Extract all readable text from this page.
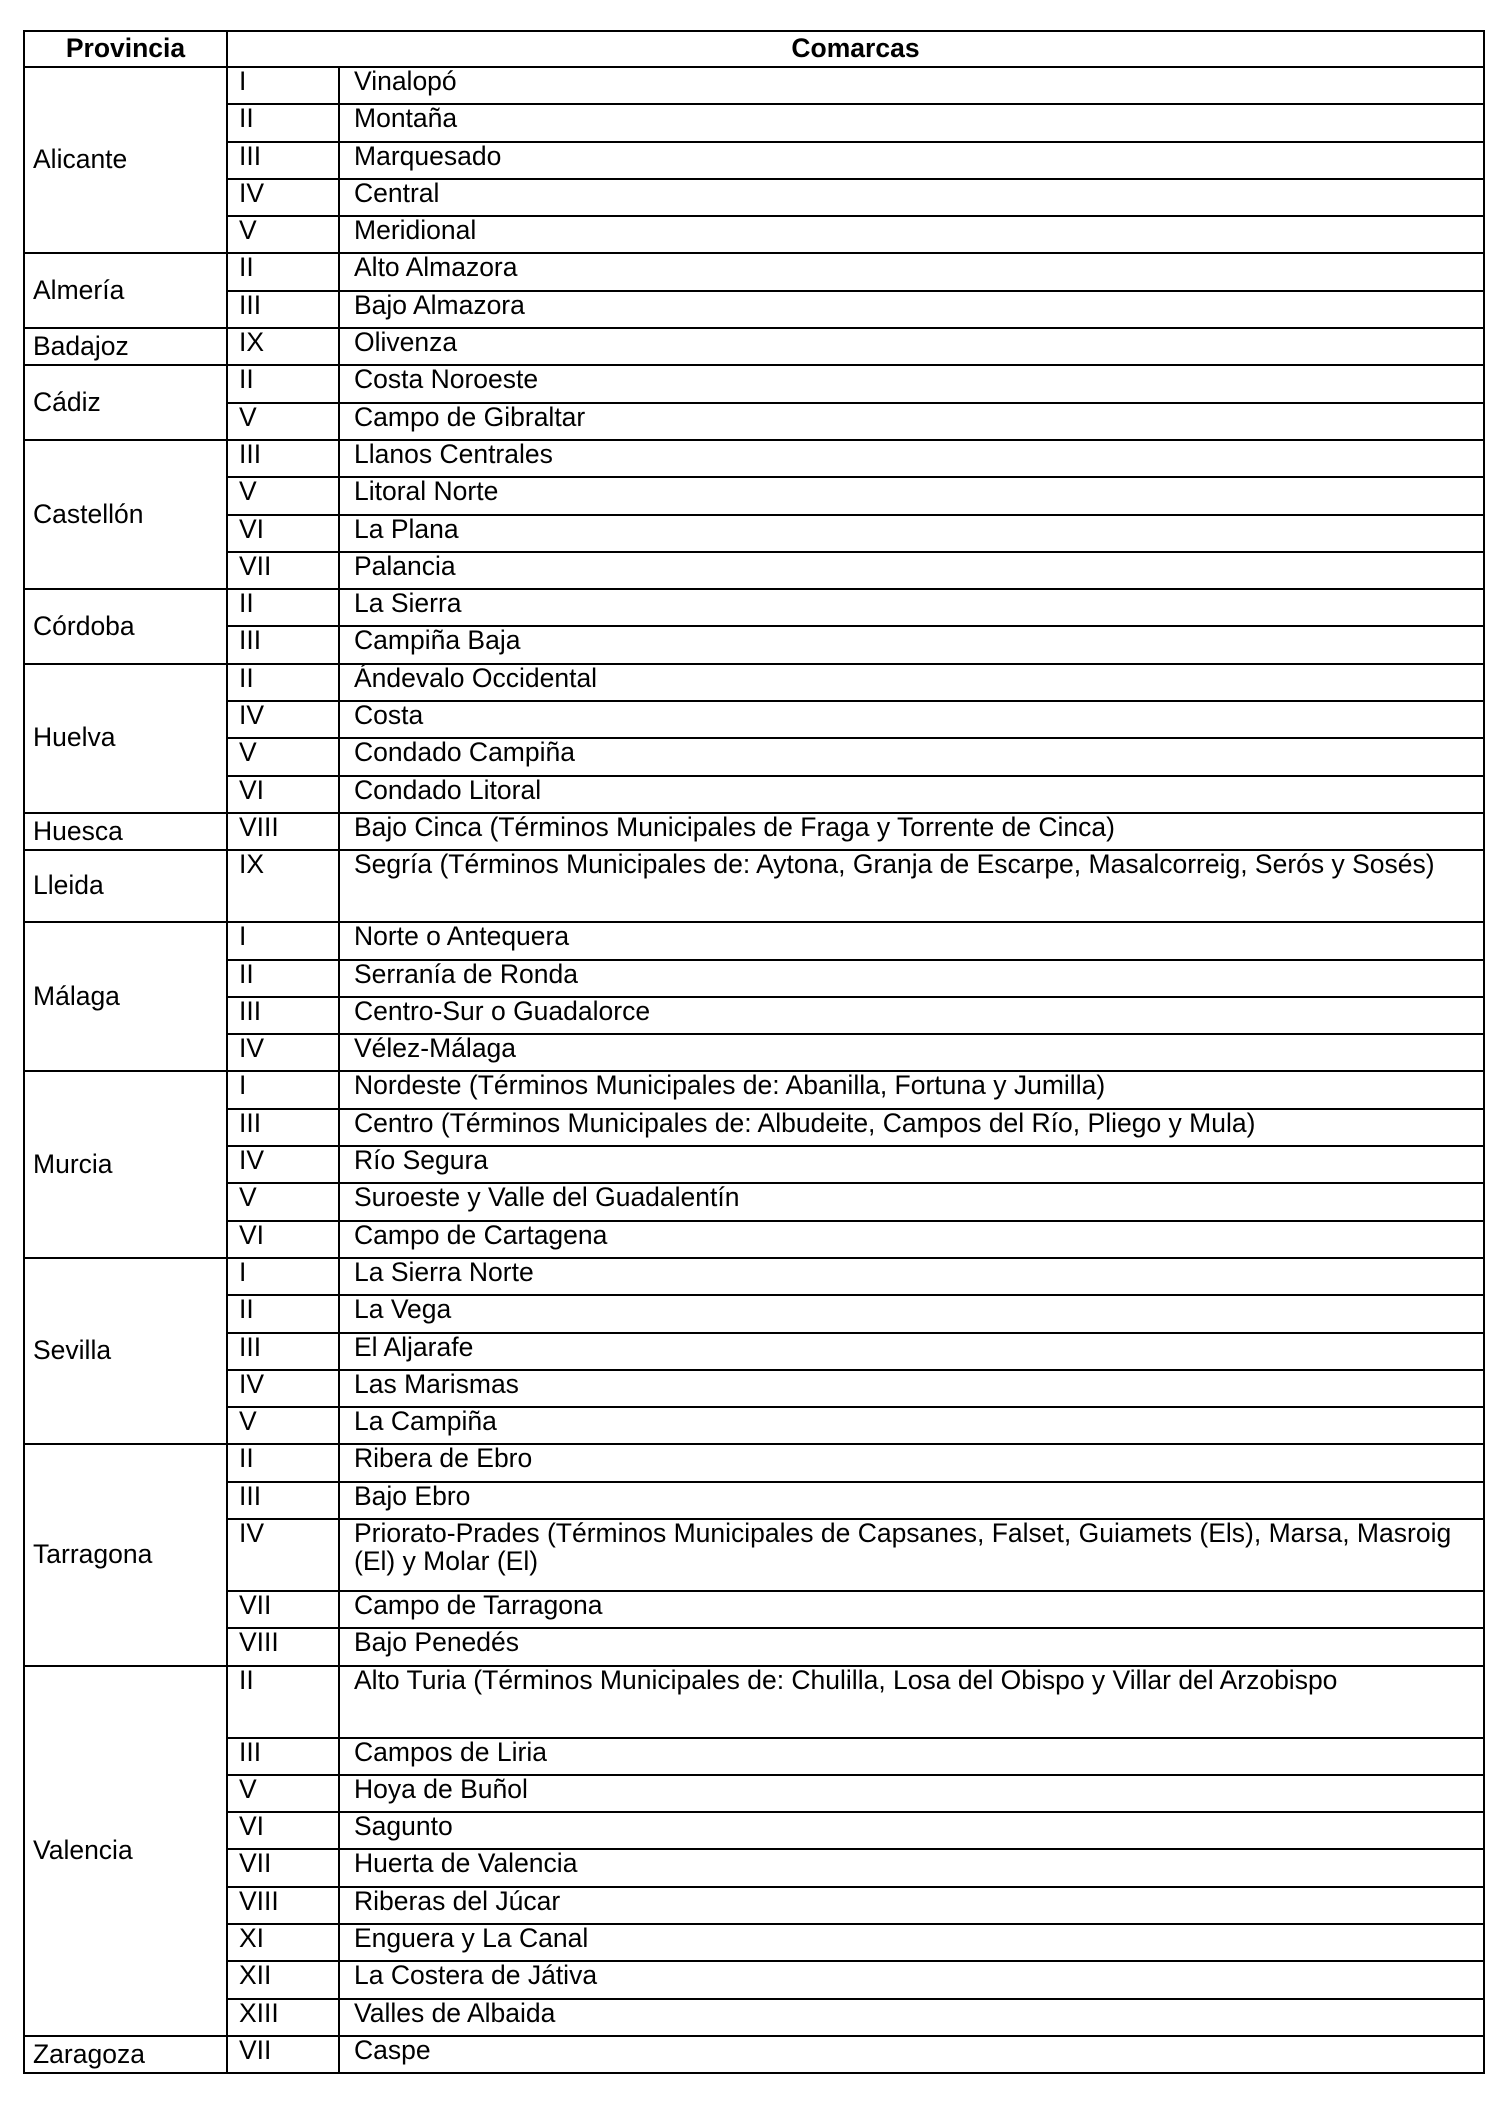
Provincia	Comarcas	
Alicante	I	Vinalopó
	II	Montaña
	III	Marquesado
	IV	Central
	V	Meridional
Almería	II	Alto Almazora
	III	Bajo Almazora
Badajoz	IX	Olivenza
Cádiz	II	Costa Noroeste
	V	Campo de Gibraltar
Castellón	III	Llanos Centrales
	V	Litoral Norte
	VI	La Plana
	VII	Palancia
Córdoba	II	La Sierra
	III	Campiña Baja
Huelva	II	Ándevalo Occidental
	IV	Costa
	V	Condado Campiña
	VI	Condado Litoral
Huesca	VIII	Bajo Cinca (Términos Municipales de Fraga y Torrente de Cinca)
Lleida	IX	Segría (Términos Municipales de: Aytona, Granja de Escarpe, Masalcorreig, Serós y Sosés)
Málaga	I	Norte o Antequera
	II	Serranía de Ronda
	III	Centro-Sur o Guadalorce
	IV	Vélez-Málaga
Murcia	I	Nordeste (Términos Municipales de: Abanilla, Fortuna y Jumilla)
	III	Centro (Términos Municipales de: Albudeite, Campos del Río, Pliego y Mula)
	IV	Río Segura
	V	Suroeste y Valle del Guadalentín
	VI	Campo de Cartagena
Sevilla	I	La Sierra Norte
	II	La Vega
	III	El Aljarafe
	IV	Las Marismas
	V	La Campiña
Tarragona	II	Ribera de Ebro
	III	Bajo Ebro
	IV	Priorato-Prades (Términos Municipales de Capsanes, Falset, Guiamets (Els), Marsa, Masroig (El) y Molar (El)
	VII	Campo de Tarragona
	VIII	Bajo Penedés
Valencia	II	Alto Turia (Términos Municipales de: Chulilla, Losa del Obispo y Villar del Arzobispo
	III	Campos de Liria
	V	Hoya de Buñol
	VI	Sagunto
	VII	Huerta de Valencia
	VIII	Riberas del Júcar
	XI	Enguera y La Canal
	XII	La Costera de Játiva
	XIII	Valles de Albaida
Zaragoza	VII	Caspe
